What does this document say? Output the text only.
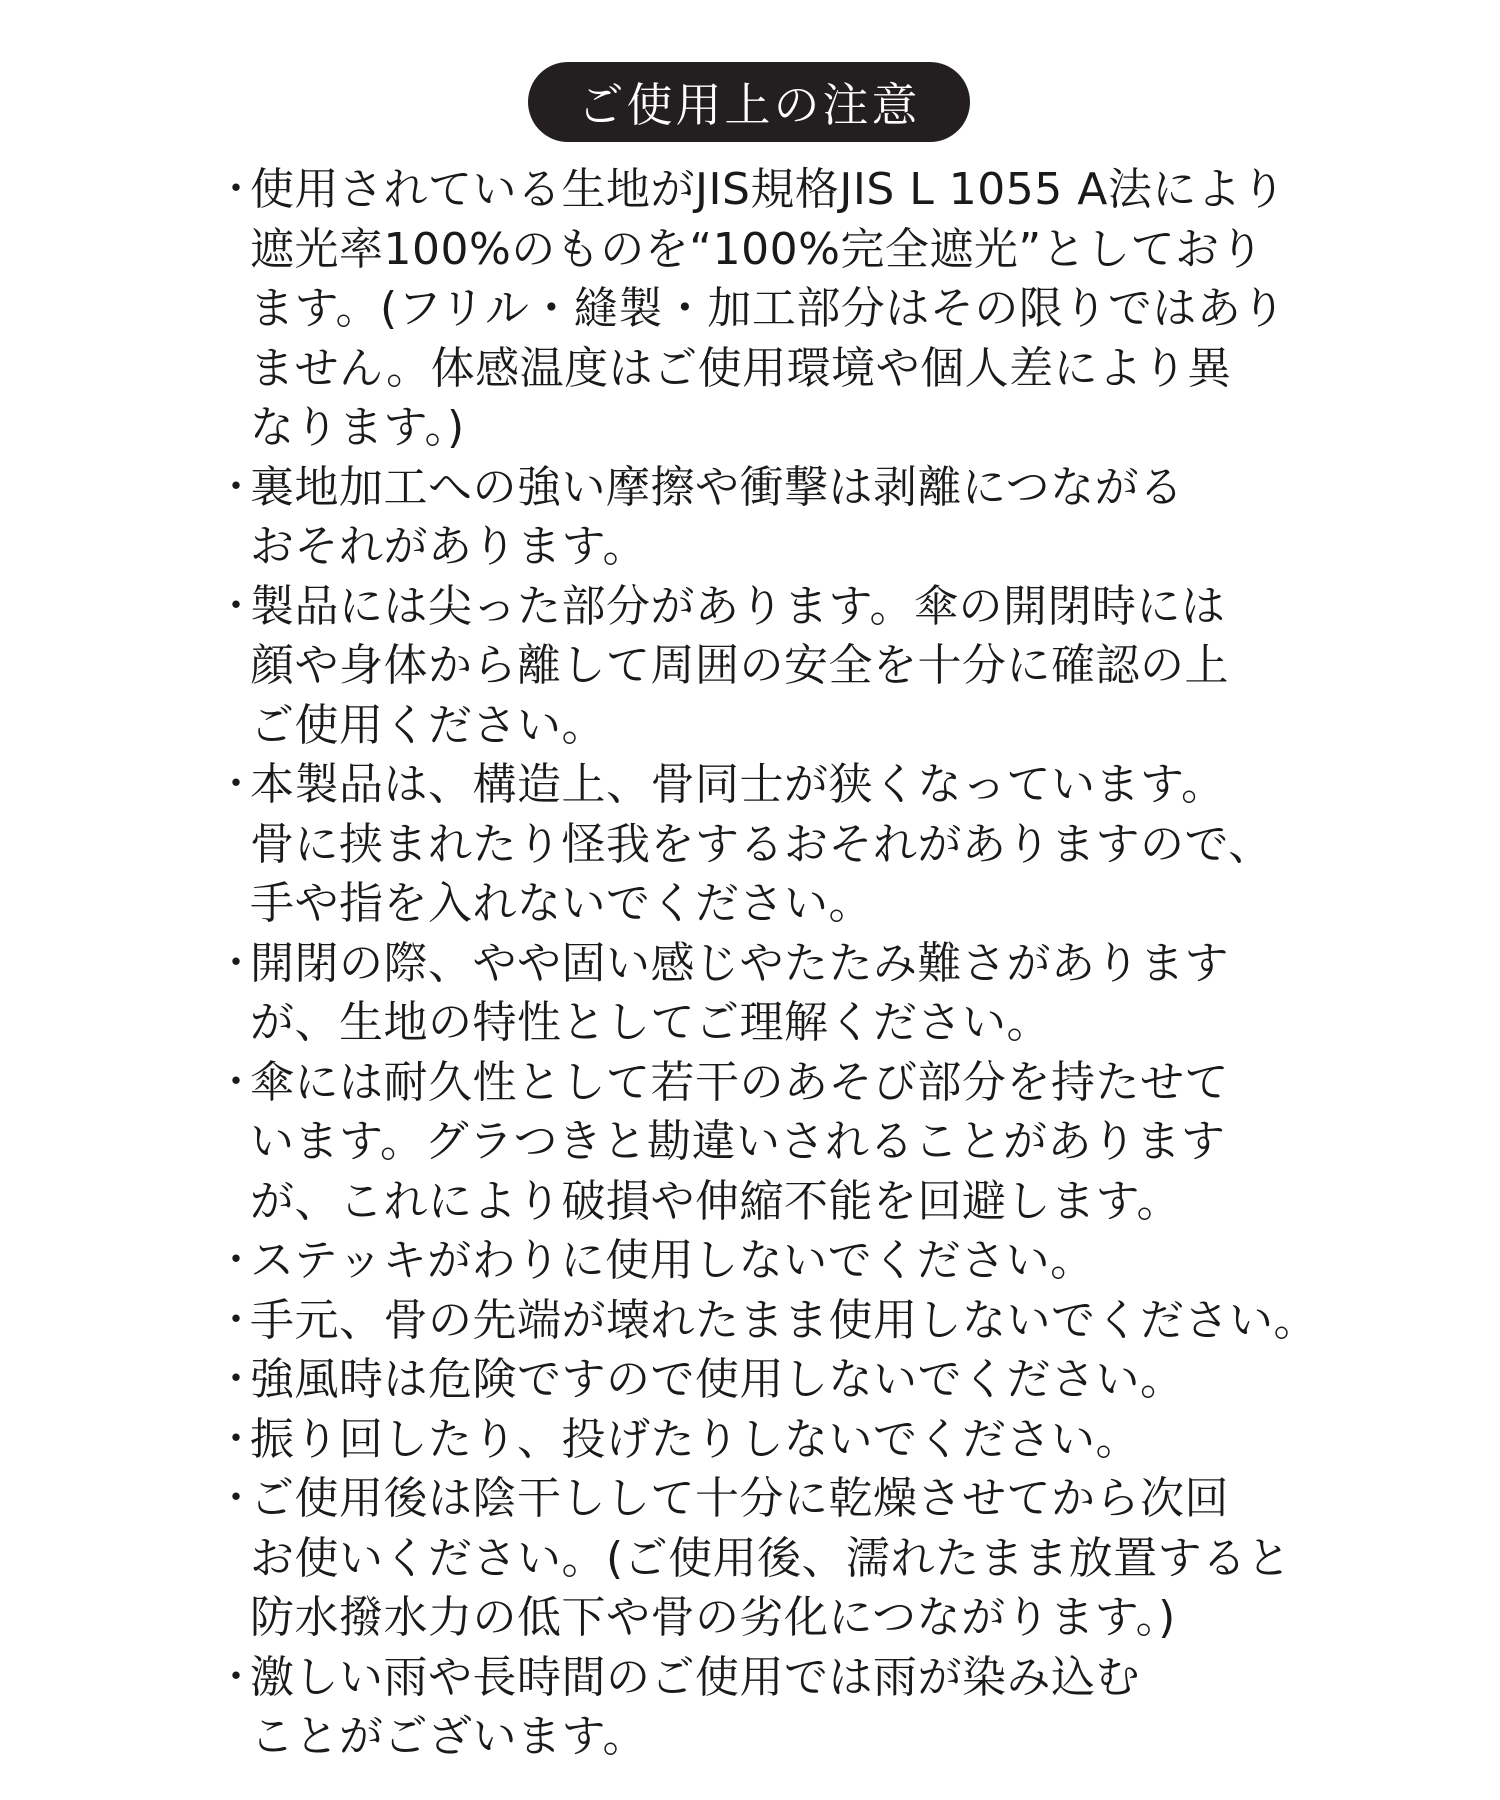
ご使用上の注意
・
使用されている生地がJIS規格JIS L 1055 A法により
遮光率100%のものを“100%完全遮光”としており
ます。(フリル・縫製・加工部分はその限りではあり
ません。体感温度はご使用環境や個人差により異
なります。)
・
裏地加工への強い摩擦や衝撃は剥離につながる
おそれがあります。
・
製品には尖った部分があります。傘の開閉時には
顔や身体から離して周囲の安全を十分に確認の上
ご使用ください。
・
本製品は、構造上、骨同士が狭くなっています。
骨に挟まれたり怪我をするおそれがありますので、
手や指を入れないでください。
・
開閉の際、やや固い感じやたたみ難さがあります
が、生地の特性としてご理解ください。
・
傘には耐久性として若干のあそび部分を持たせて
います。グラつきと勘違いされることがあります
が、これにより破損や伸縮不能を回避します。
・
ステッキがわりに使用しないでください。
・
手元、骨の先端が壊れたまま使用しないでください。
・
強風時は危険ですので使用しないでください。
・
振り回したり、投げたりしないでください。
・
ご使用後は陰干しして十分に乾燥させてから次回
お使いください。(ご使用後、濡れたまま放置すると
防水撥水力の低下や骨の劣化につながります。)
・
激しい雨や長時間のご使用では雨が染み込む
ことがございます。
